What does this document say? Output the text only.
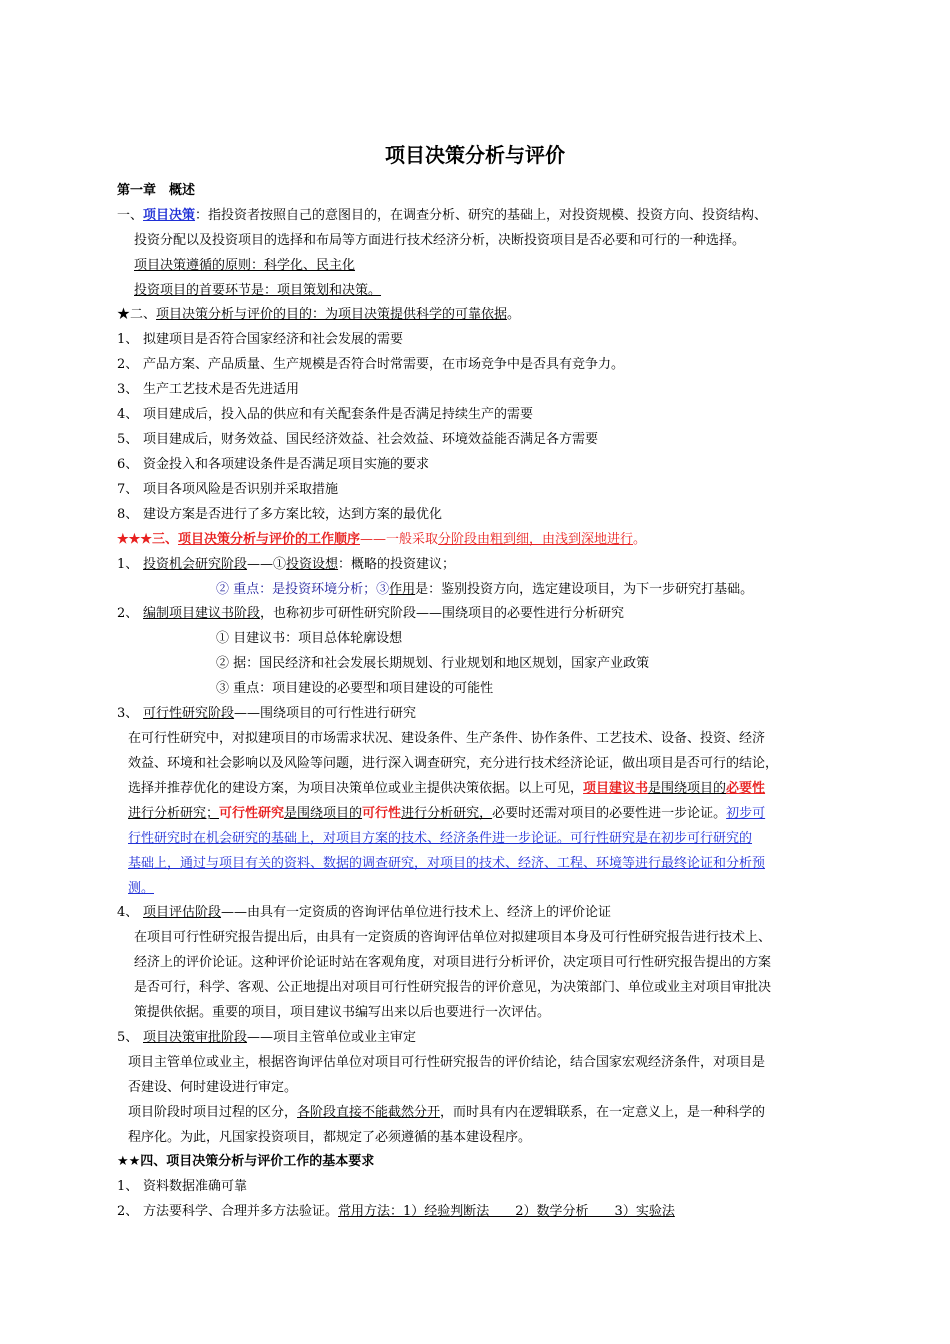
项目决策分析与评价
第一章　概述
一、项目决策：指投资者按照自己的意图目的，在调查分析、研究的基础上，对投资规模、投资方向、投资结构、
投资分配以及投资项目的选择和布局等方面进行技术经济分析，决断投资项目是否必要和可行的一种选择。
项目决策遵循的原则：科学化、民主化
投资项目的首要环节是：项目策划和决策。
★二、项目决策分析与评价的目的：为项目决策提供科学的可靠依据。
1、 拟建项目是否符合国家经济和社会发展的需要
2、 产品方案、产品质量、生产规模是否符合时常需要，在市场竞争中是否具有竞争力。
3、 生产工艺技术是否先进适用
4、 项目建成后，投入品的供应和有关配套条件是否满足持续生产的需要
5、 项目建成后，财务效益、国民经济效益、社会效益、环境效益能否满足各方需要
6、 资金投入和各项建设条件是否满足项目实施的要求
7、 项目各项风险是否识别并采取措施
8、 建设方案是否进行了多方案比较，达到方案的最优化
★★★三、项目决策分析与评价的工作顺序——一般采取分阶段由粗到细，由浅到深地进行。
1、 投资机会研究阶段——①投资设想：概略的投资建议；
② 重点：是投资环境分析；③作用是：鉴别投资方向，选定建设项目，为下一步研究打基础。
2、 编制项目建议书阶段，也称初步可研性研究阶段——围绕项目的必要性进行分析研究
① 目建议书：项目总体轮廓设想
② 据：国民经济和社会发展长期规划、行业规划和地区规划，国家产业政策
③ 重点：项目建设的必要型和项目建设的可能性
3、 可行性研究阶段——围绕项目的可行性进行研究
在可行性研究中，对拟建项目的市场需求状况、建设条件、生产条件、协作条件、工艺技术、设备、投资、经济
效益、环境和社会影响以及风险等问题，进行深入调查研究，充分进行技术经济论证，做出项目是否可行的结论，
选择并推荐优化的建设方案，为项目决策单位或业主提供决策依据。以上可见，项目建议书是围绕项目的必要性
进行分析研究；可行性研究是围绕项目的可行性进行分析研究，必要时还需对项目的必要性进一步论证。初步可
行性研究时在机会研究的基础上，对项目方案的技术、经济条件进一步论证。可行性研究是在初步可行研究的
基础上，通过与项目有关的资料、数据的调查研究，对项目的技术、经济、工程、环境等进行最终论证和分析预
测。
4、 项目评估阶段——由具有一定资质的咨询评估单位进行技术上、经济上的评价论证
在项目可行性研究报告提出后，由具有一定资质的咨询评估单位对拟建项目本身及可行性研究报告进行技术上、
经济上的评价论证。这种评价论证时站在客观角度，对项目进行分析评价，决定项目可行性研究报告提出的方案
是否可行，科学、客观、公正地提出对项目可行性研究报告的评价意见，为决策部门、单位或业主对项目审批决
策提供依据。重要的项目，项目建议书编写出来以后也要进行一次评估。
5、 项目决策审批阶段——项目主管单位或业主审定
项目主管单位或业主，根据咨询评估单位对项目可行性研究报告的评价结论，结合国家宏观经济条件，对项目是
否建设、何时建设进行审定。
项目阶段时项目过程的区分，各阶段直接不能截然分开，而时具有内在逻辑联系，在一定意义上，是一种科学的
程序化。为此，凡国家投资项目，都规定了必须遵循的基本建设程序。
★★四、项目决策分析与评价工作的基本要求
1、 资料数据准确可靠
2、 方法要科学、合理并多方法验证。常用方法：1）经验判断法　　2）数学分析　　3）实验法
